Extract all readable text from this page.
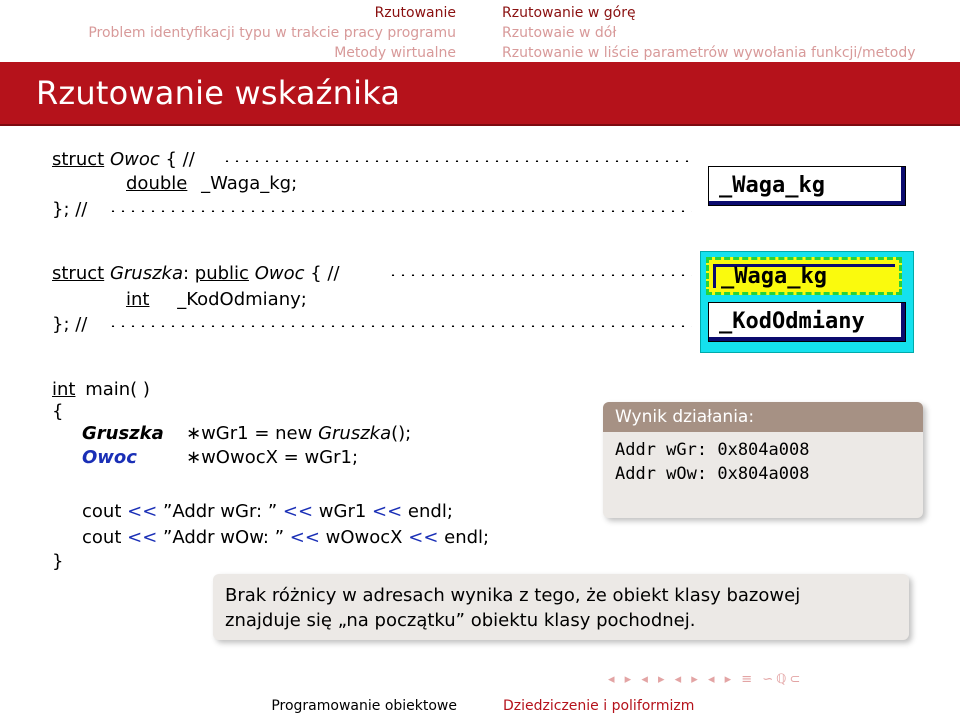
Rzutowanie
Problem identyfikacji typu w trakcie pracy programu
Metody wirtualne
Rzutowanie w górę
Rzutowaie w dół
Rzutowanie w liście parametrów wywołania funkcji/metody
Rzutowanie wskaźnika
struct Owoc { //
double _Waga_kg;
}; //
_Waga_kg
struct Gruszka: public Owoc { //
int _KodOdmiany;
}; //
_Waga_kg
_KodOdmiany
int main( )
{
Gruszka ∗wGr1 = new Gruszka();
Owoc	∗wOwocX = wGr1;
cout << ”Addr wGr: ” << wGr1 << endl;
cout << ”Addr wOw: ” << wOwocX << endl;
}
Wynik działania:
Addr wGr: 0x804a008
Addr wOw: 0x804a008
Brak różnicy w adresach wynika z tego, że obiekt klasy bazowej
znajduje się „na początku” obiektu klasy pochodnej.
◂ ▸ ◂ ▸ ◂ ▸ ◂ ▸ ≡ ∽ℚ⊂
Programowanie obiektowe	Dziedziczenie i poliformizm
